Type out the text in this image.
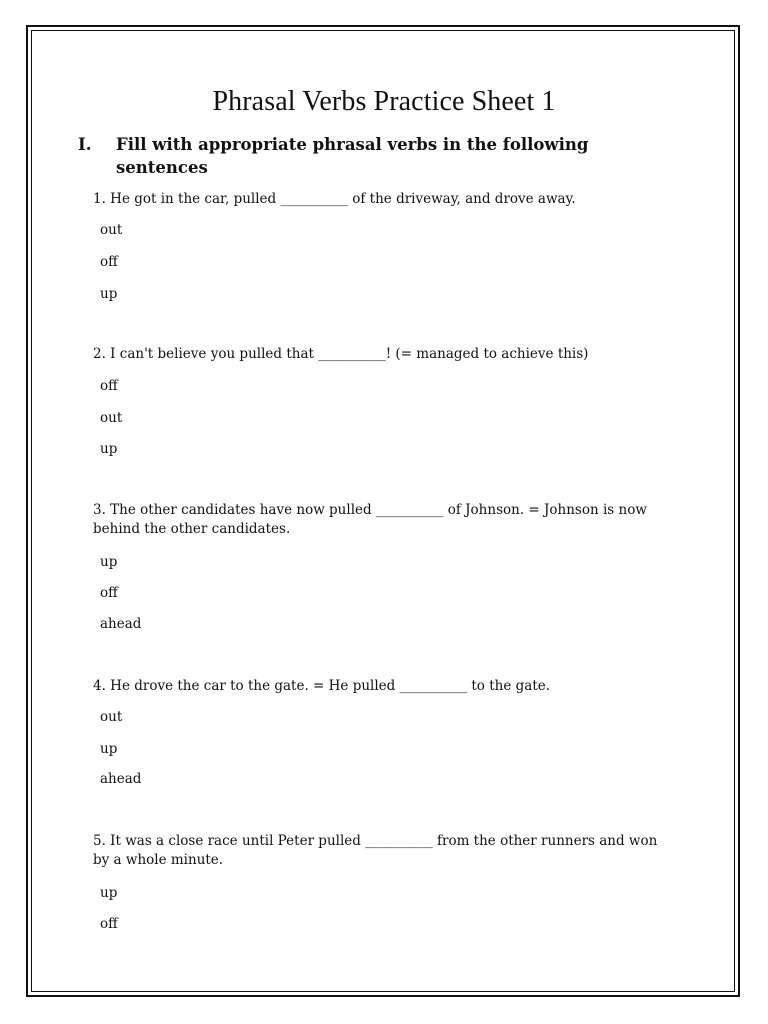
Phrasal Verbs Practice Sheet 1
I. Fill with appropriate phrasal verbs in the following sentences

1. He got in the car, pulled __________ of the driveway, and drove away.

out

off

up

2. I can't believe you pulled that __________! (= managed to achieve this)

off

out

up

3. The other candidates have now pulled __________ of Johnson. = Johnson is now behind the other candidates.

up

off

ahead

4. He drove the car to the gate. = He pulled __________ to the gate.

out

up

ahead

5. It was a close race until Peter pulled __________ from the other runners and won by a whole minute.

up

off
